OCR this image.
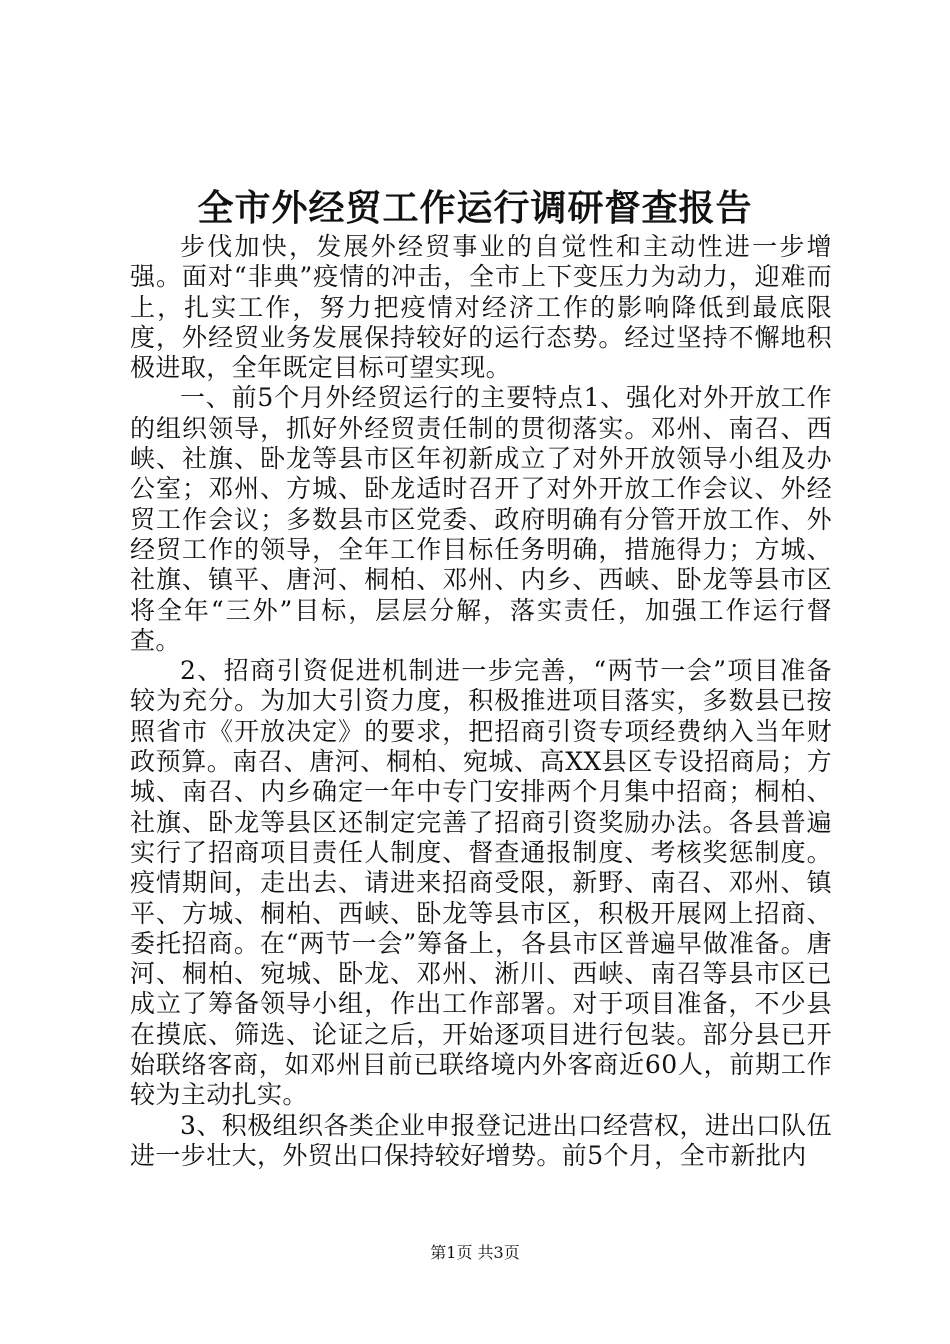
全市外经贸工作运行调研督查报告

步伐加快，发展外经贸事业的自觉性和主动性进一步增强。面对“非典”疫情的冲击，全市上下变压力为动力，迎难而上，扎实工作，努力把疫情对经济工作的影响降低到最底限度，外经贸业务发展保持较好的运行态势。经过坚持不懈地积极进取，全年既定目标可望实现。

一、前5个月外经贸运行的主要特点1、强化对外开放工作的组织领导，抓好外经贸责任制的贯彻落实。邓州、南召、西峡、社旗、卧龙等县市区年初新成立了对外开放领导小组及办公室；邓州、方城、卧龙适时召开了对外开放工作会议、外经贸工作会议；多数县市区党委、政府明确有分管开放工作、外经贸工作的领导，全年工作目标任务明确，措施得力；方城、社旗、镇平、唐河、桐柏、邓州、内乡、西峡、卧龙等县市区将全年“三外”目标，层层分解，落实责任，加强工作运行督查。

2、招商引资促进机制进一步完善，“两节一会”项目准备较为充分。为加大引资力度，积极推进项目落实，多数县已按照省市《开放决定》的要求，把招商引资专项经费纳入当年财政预算。南召、唐河、桐柏、宛城、高XX县区专设招商局；方城、南召、内乡确定一年中专门安排两个月集中招商；桐柏、社旗、卧龙等县区还制定完善了招商引资奖励办法。各县普遍实行了招商项目责任人制度、督查通报制度、考核奖惩制度。疫情期间，走出去、请进来招商受限，新野、南召、邓州、镇平、方城、桐柏、西峡、卧龙等县市区，积极开展网上招商、委托招商。在“两节一会”筹备上，各县市区普遍早做准备。唐河、桐柏、宛城、卧龙、邓州、淅川、西峡、南召等县市区已成立了筹备领导小组，作出工作部署。对于项目准备，不少县在摸底、筛选、论证之后，开始逐项目进行包装。部分县已开始联络客商，如邓州目前已联络境内外客商近60人，前期工作较为主动扎实。

3、积极组织各类企业申报登记进出口经营权，进出口队伍进一步壮大，外贸出口保持较好增势。前5个月，全市新批内

第1页 共3页
